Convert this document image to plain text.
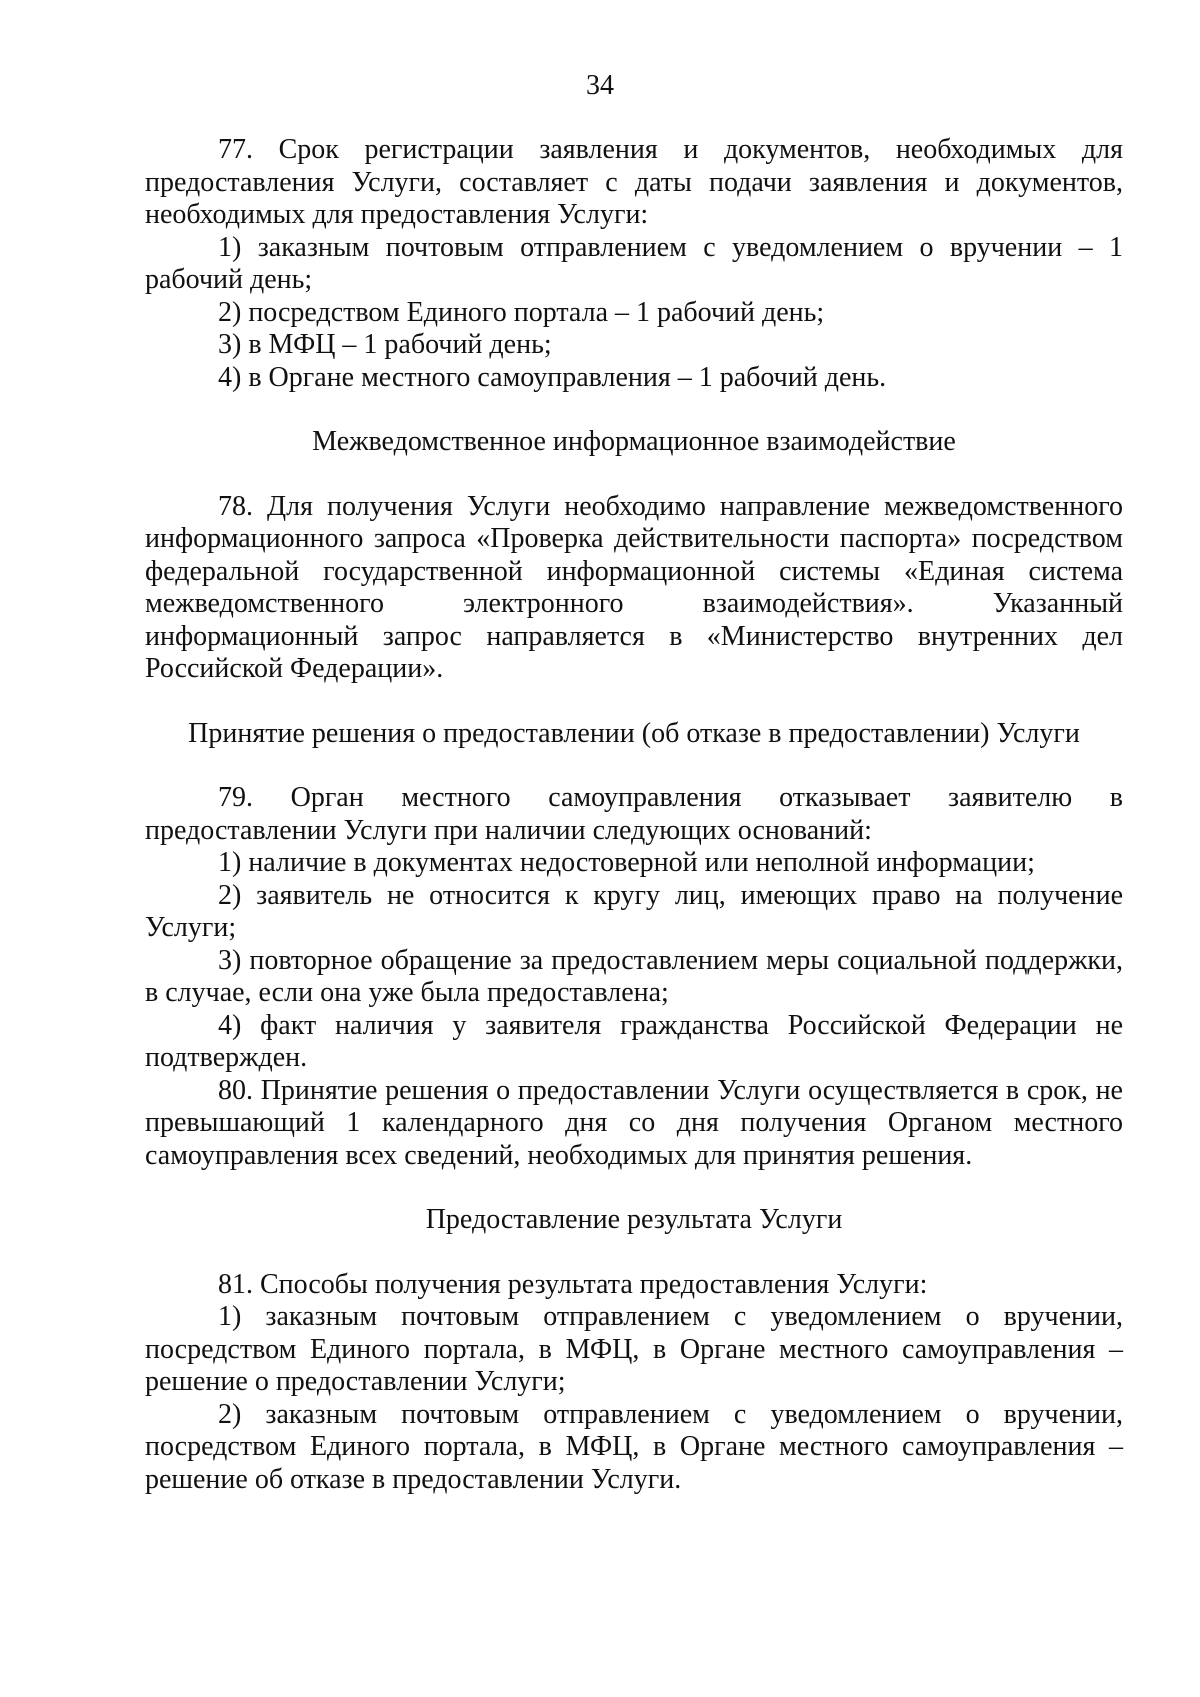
34

77. Срок регистрации заявления и документов, необходимых для предоставления Услуги, составляет с даты подачи заявления и документов, необходимых для предоставления Услуги:

1) заказным почтовым отправлением с уведомлением о вручении – 1 рабочий день;

2) посредством Единого портала – 1 рабочий день;

3) в МФЦ – 1 рабочий день;

4) в Органе местного самоуправления – 1 рабочий день.

Межведомственное информационное взаимодействие

78. Для получения Услуги необходимо направление межведомственного информационного запроса «Проверка действительности паспорта» посредством федеральной государственной информационной системы «Единая система межведомственного электронного взаимодействия». Указанный информационный запрос направляется в «Министерство внутренних дел Российской Федерации».

Принятие решения о предоставлении (об отказе в предоставлении) Услуги

79. Орган местного самоуправления отказывает заявителю в предоставлении Услуги при наличии следующих оснований:

1) наличие в документах недостоверной или неполной информации;

2) заявитель не относится к кругу лиц, имеющих право на получение Услуги;

3) повторное обращение за предоставлением меры социальной поддержки, в случае, если она уже была предоставлена;

4) факт наличия у заявителя гражданства Российской Федерации не подтвержден.

80. Принятие решения о предоставлении Услуги осуществляется в срок, не превышающий 1 календарного дня со дня получения Органом местного самоуправления всех сведений, необходимых для принятия решения.

Предоставление результата Услуги

81. Способы получения результата предоставления Услуги:

1) заказным почтовым отправлением с уведомлением о вручении, посредством Единого портала, в МФЦ, в Органе местного самоуправления – решение о предоставлении Услуги;

2) заказным почтовым отправлением с уведомлением о вручении, посредством Единого портала, в МФЦ, в Органе местного самоуправления – решение об отказе в предоставлении Услуги.
